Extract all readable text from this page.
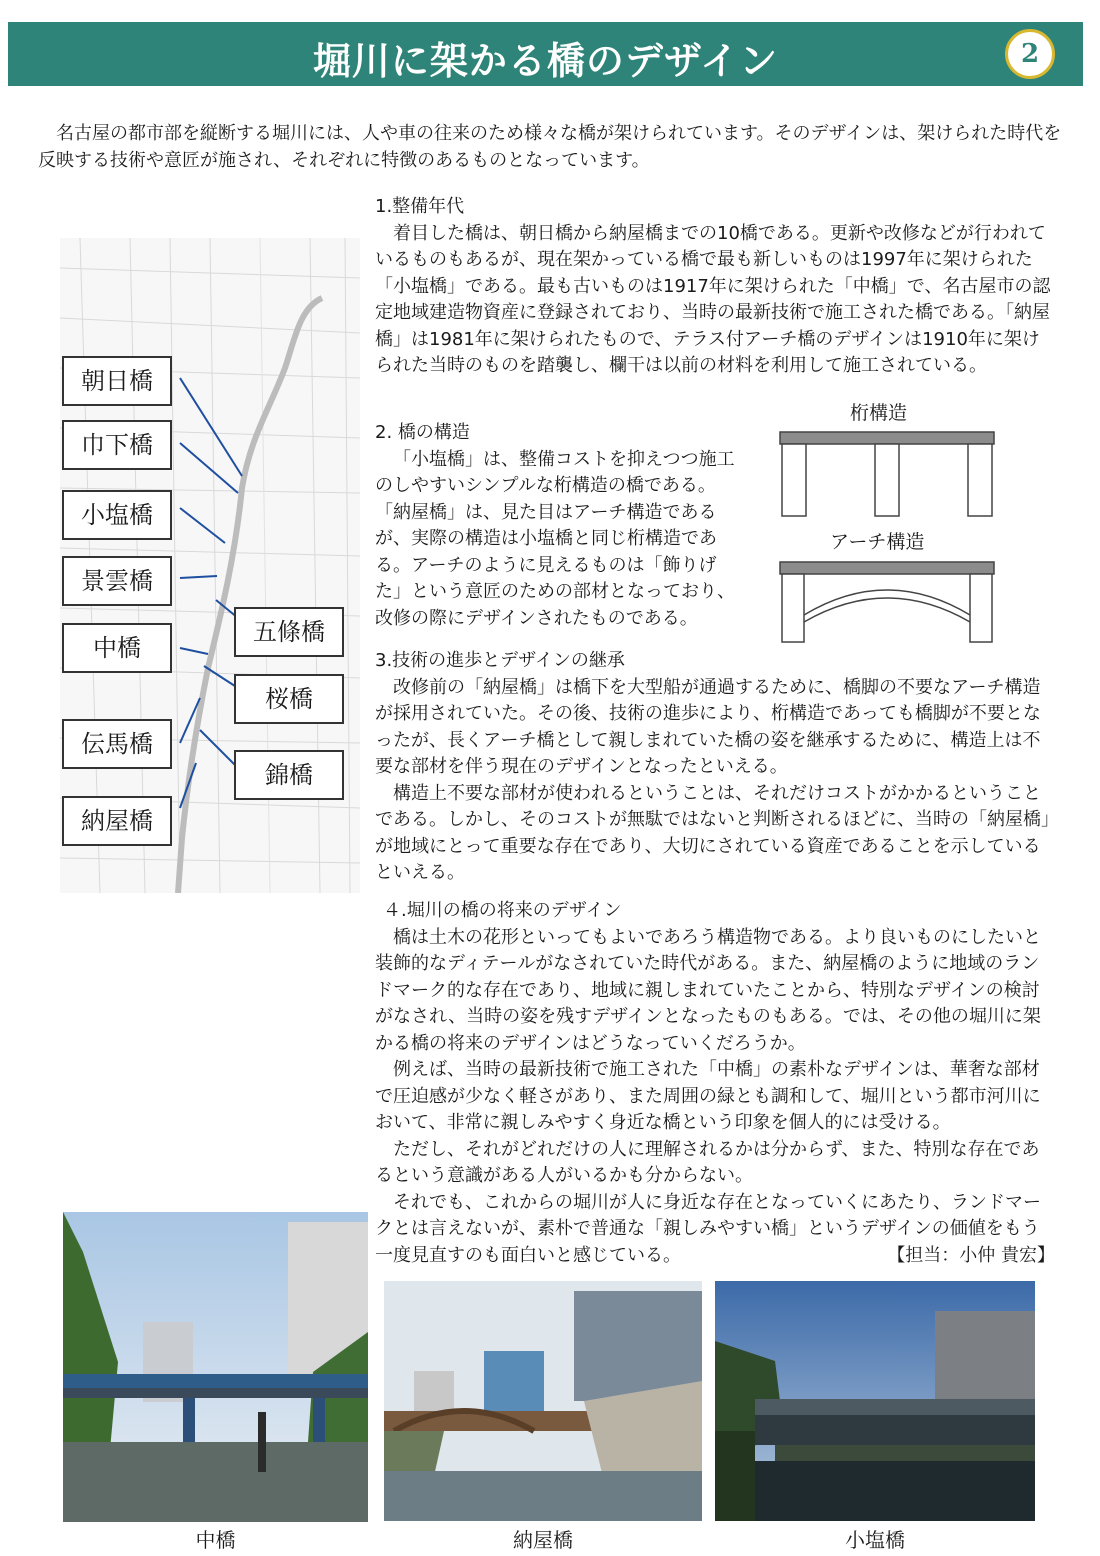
堀川に架かる橋のデザイン	2

名古屋の都市部を縦断する堀川には、人や車の往来のため様々な橋が架けられています。そのデザインは、架けられた時代を反映する技術や意匠が施され、それぞれに特徴のあるものとなっています。

朝日橋
巾下橋
小塩橋
景雲橋
五條橋
中橋
桜橋
伝馬橋
錦橋
納屋橋

1.整備年代

着目した橋は、朝日橋から納屋橋までの10橋である。更新や改修などが行われているものもあるが、現在架かっている橋で最も新しいものは1997年に架けられた「小塩橋」である。最も古いものは1917年に架けられた「中橋」で、名古屋市の認定地域建造物資産に登録されており、当時の最新技術で施工された橋である。「納屋橋」は1981年に架けられたもので、テラス付アーチ橋のデザインは1910年に架けられた当時のものを踏襲し、欄干は以前の材料を利用して施工されている。

2. 橋の構造

「小塩橋」は、整備コストを抑えつつ施工のしやすいシンプルな桁構造の橋である。「納屋橋」は、見た目はアーチ構造であるが、実際の構造は小塩橋と同じ桁構造である。アーチのように見えるものは「飾りげた」という意匠のための部材となっており、改修の際にデザインされたものである。

桁構造
アーチ構造

3.技術の進歩とデザインの継承

改修前の「納屋橋」は橋下を大型船が通過するために、橋脚の不要なアーチ構造が採用されていた。その後、技術の進歩により、桁構造であっても橋脚が不要となったが、長くアーチ橋として親しまれていた橋の姿を継承するために、構造上は不要な部材を伴う現在のデザインとなったといえる。

構造上不要な部材が使われるということは、それだけコストがかかるということである。しかし、そのコストが無駄ではないと判断されるほどに、当時の「納屋橋」が地域にとって重要な存在であり、大切にされている資産であることを示しているといえる。

４.堀川の橋の将来のデザイン

橋は土木の花形といってもよいであろう構造物である。より良いものにしたいと装飾的なディテールがなされていた時代がある。また、納屋橋のように地域のランドマーク的な存在であり、地域に親しまれていたことから、特別なデザインの検討がなされ、当時の姿を残すデザインとなったものもある。では、その他の堀川に架かる橋の将来のデザインはどうなっていくだろうか。

例えば、当時の最新技術で施工された「中橋」の素朴なデザインは、華奢な部材で圧迫感が少なく軽さがあり、また周囲の緑とも調和して、堀川という都市河川において、非常に親しみやすく身近な橋という印象を個人的には受ける。

ただし、それがどれだけの人に理解されるかは分からず、また、特別な存在であるという意識がある人がいるかも分からない。

それでも、これからの堀川が人に身近な存在となっていくにあたり、ランドマークとは言えないが、素朴で普通な「親しみやすい橋」というデザインの価値をもう一度見直すのも面白いと感じている。	【担当：小仲 貴宏】

中橋	納屋橋	小塩橋
